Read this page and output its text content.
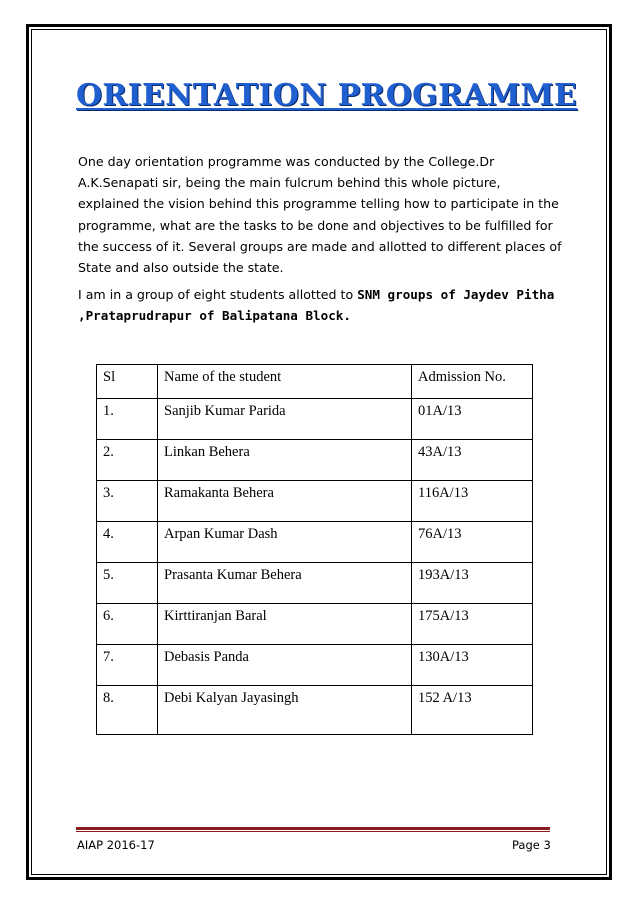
ORIENTATION PROGRAMME

One day orientation programme was conducted by the College.Dr A.K.Senapati sir, being the main fulcrum behind this whole picture, explained the vision behind this programme telling how to participate in the programme, what are the tasks to be done and objectives to be fulfilled for the success of it. Several groups are made and allotted to different places of State and also outside the state.

I am in a group of eight students allotted to SNM groups of Jaydev Pitha ,Prataprudrapur of Balipatana Block.

Sl	Name of the student	Admission No.
1.	Sanjib Kumar Parida	01A/13
2.	Linkan Behera	43A/13
3.	Ramakanta Behera	116A/13
4.	Arpan Kumar Dash	76A/13
5.	Prasanta Kumar Behera	193A/13
6.	Kirttiranjan Baral	175A/13
7.	Debasis Panda	130A/13
8.	Debi Kalyan Jayasingh	152 A/13
AIAP 2016-17	Page 3
